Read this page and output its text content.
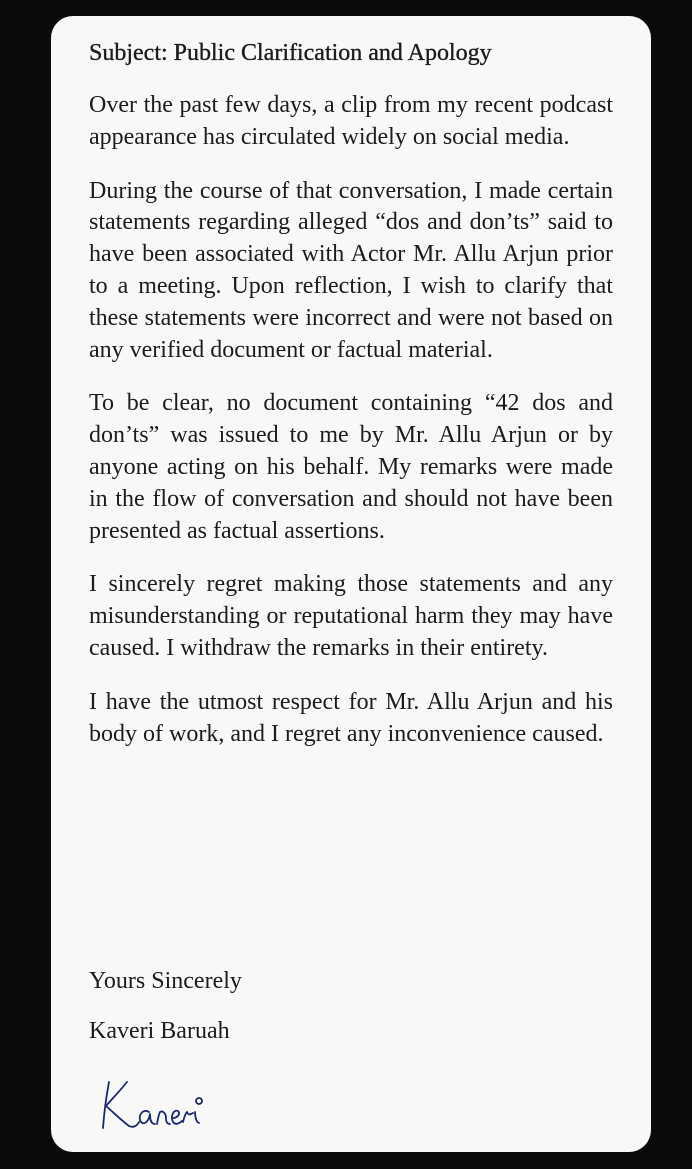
Subject: Public Clarification and Apology

Over the past few days, a clip from my recent podcast appearance has circulated widely on social media.

During the course of that conversation, I made certain statements regarding alleged “dos and don’ts” said to have been associated with Actor Mr. Allu Arjun prior to a meeting. Upon reflection, I wish to clarify that these statements were incorrect and were not based on any verified document or factual material.

To be clear, no document containing “42 dos and don’ts” was issued to me by Mr. Allu Arjun or by anyone acting on his behalf. My remarks were made in the flow of conversation and should not have been presented as factual assertions.

I sincerely regret making those statements and any misunderstanding or reputational harm they may have caused. I withdraw the remarks in their entirety.

I have the utmost respect for Mr. Allu Arjun and his body of work, and I regret any inconvenience caused.

Yours Sincerely
Kaveri Baruah
